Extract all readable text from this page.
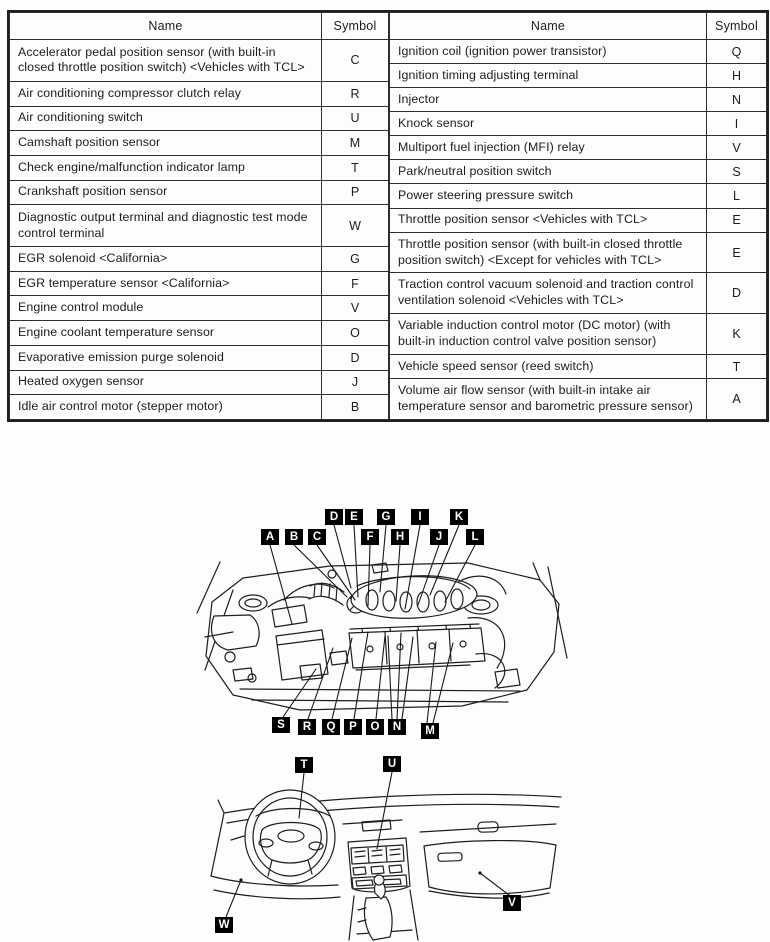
Name	Symbol
Accelerator pedal position sensor (with built-in closed throttle position switch) <Vehicles with TCL>	C
Air conditioning compressor clutch relay	R
Air conditioning switch	U
Camshaft position sensor	M
Check engine/malfunction indicator lamp	T
Crankshaft position sensor	P
Diagnostic output terminal and diagnostic test mode control terminal	W
EGR solenoid <California>	G
EGR temperature sensor <California>	F
Engine control module	V
Engine coolant temperature sensor	O
Evaporative emission purge solenoid	D
Heated oxygen sensor	J
Idle air control motor (stepper motor)	B
Name	Symbol
Ignition coil (ignition power transistor)	Q
Ignition timing adjusting terminal	H
Injector	N
Knock sensor	I
Multiport fuel injection (MFI) relay	V
Park/neutral position switch	S
Power steering pressure switch	L
Throttle position sensor <Vehicles with TCL>	E
Throttle position sensor (with built-in closed throttle position switch) <Except for vehicles with TCL>	E
Traction control vacuum solenoid and traction control ventilation solenoid <Vehicles with TCL>	D
Variable induction control motor (DC motor) (with built-in induction control valve position sensor)	K
Vehicle speed sensor (reed switch)	T
Volume air flow sensor (with built-in intake air temperature sensor and barometric pressure sensor)	A
A	B	C
D	E
F
G
H
I
J
K
L
S	R	Q	P	O	N	M
T	U
V
W
